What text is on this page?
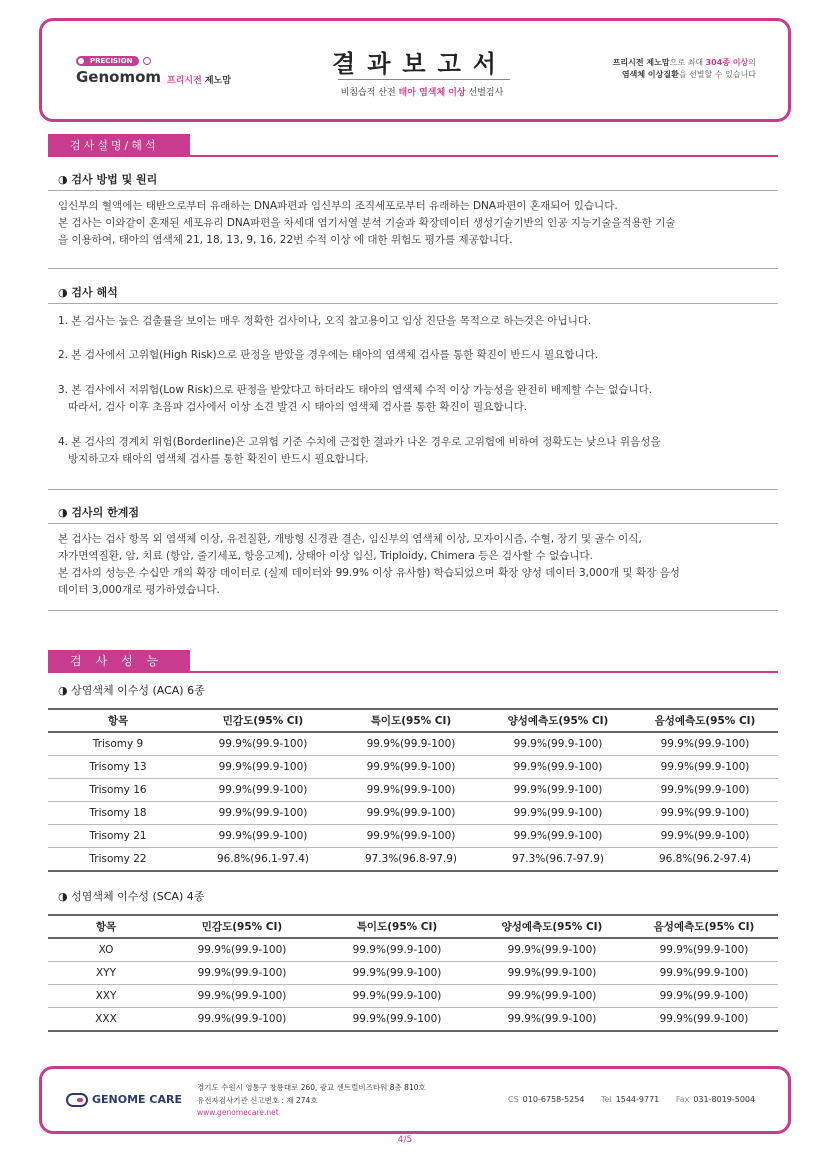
PRECISION
Genomom 프리시전 제노맘
결과보고서
비침습적 산전 태아 염색체 이상 선별검사
프리시전 제노맘으로 최대 304종 이상의
염색체 이상질환을 선별할 수 있습니다
검사설명/해석
◑ 검사 방법 및 원리
임신부의 혈액에는 태반으로부터 유래하는 DNA파편과 임신부의 조직세포로부터 유래하는 DNA파편이 혼재되어 있습니다.
본 검사는 이와같이 혼재된 세포유리 DNA파편을 차세대 염기서열 분석 기술과 확장데이터 생성기술기반의 인공 지능기술을적용한 기술
을 이용하여, 태아의 염색체 21, 18, 13, 9, 16, 22번 수적 이상 에 대한 위험도 평가를 제공합니다.
◑ 검사 해석
1. 본 검사는 높은 검출률을 보이는 매우 정확한 검사이나, 오직 참고용이고 임상 진단을 목적으로 하는것은 아닙니다.
2. 본 검사에서 고위험(High Risk)으로 판정을 받았을 경우에는 태아의 염색체 검사를 통한 확진이 반드시 필요합니다.
3. 본 검사에서 저위험(Low Risk)으로 판정을 받았다고 하더라도 태아의 염색체 수적 이상 가능성을 완전히 배제할 수는 없습니다.
따라서, 검사 이후 초음파 검사에서 이상 소견 발견 시 태아의 염색체 검사를 통한 확진이 필요합니다.
4. 본 검사의 경계치 위험(Borderline)은 고위험 기준 수치에 근접한 결과가 나온 경우로 고위험에 비하여 정확도는 낮으나 위음성을
방지하고자 태아의 염색체 검사를 통한 확진이 반드시 필요합니다.
◑ 검사의 한계점
본 검사는 검사 항목 외 염색체 이상, 유전질환, 개방형 신경관 결손, 임신부의 염색체 이상, 모자이시즘, 수혈, 장기 및 골수 이식,
자가면역질환, 암, 치료 (항암, 줄기세포, 항응고제), 상태아 이상 임신, Triploidy, Chimera 등은 검사할 수 없습니다.
본 검사의 성능은 수십만 개의 확장 데이터로 (실제 데이터와 99.9% 이상 유사함) 학습되었으며 확장 양성 데이터 3,000개 및 확장 음성
데이터 3,000개로 평가하였습니다.
검사성능
◑ 상염색체 이수성 (ACA) 6종
항목	민감도(95% CI)	특이도(95% CI)	양성예측도(95% CI)	음성예측도(95% CI)
Trisomy 9	99.9%(99.9-100)	99.9%(99.9-100)	99.9%(99.9-100)	99.9%(99.9-100)
Trisomy 13	99.9%(99.9-100)	99.9%(99.9-100)	99.9%(99.9-100)	99.9%(99.9-100)
Trisomy 16	99.9%(99.9-100)	99.9%(99.9-100)	99.9%(99.9-100)	99.9%(99.9-100)
Trisomy 18	99.9%(99.9-100)	99.9%(99.9-100)	99.9%(99.9-100)	99.9%(99.9-100)
Trisomy 21	99.9%(99.9-100)	99.9%(99.9-100)	99.9%(99.9-100)	99.9%(99.9-100)
Trisomy 22	96.8%(96.1-97.4)	97.3%(96.8-97.9)	97.3%(96.7-97.9)	96.8%(96.2-97.4)
◑ 성염색체 이수성 (SCA) 4종
항목	민감도(95% CI)	특이도(95% CI)	양성예측도(95% CI)	음성예측도(95% CI)
XO	99.9%(99.9-100)	99.9%(99.9-100)	99.9%(99.9-100)	99.9%(99.9-100)
XYY	99.9%(99.9-100)	99.9%(99.9-100)	99.9%(99.9-100)	99.9%(99.9-100)
XXY	99.9%(99.9-100)	99.9%(99.9-100)	99.9%(99.9-100)	99.9%(99.9-100)
XXX	99.9%(99.9-100)	99.9%(99.9-100)	99.9%(99.9-100)	99.9%(99.9-100)
GENOME CARE
경기도 수원시 영통구 창룡대로 260, 광교 센트럴비즈타워 8층 810호
유전자검사기관 신고번호 : 제 274호
www.genomecare.net
CS 010-6758-5254 Tel 1544-9771 Fax 031-8019-5004
4/5
